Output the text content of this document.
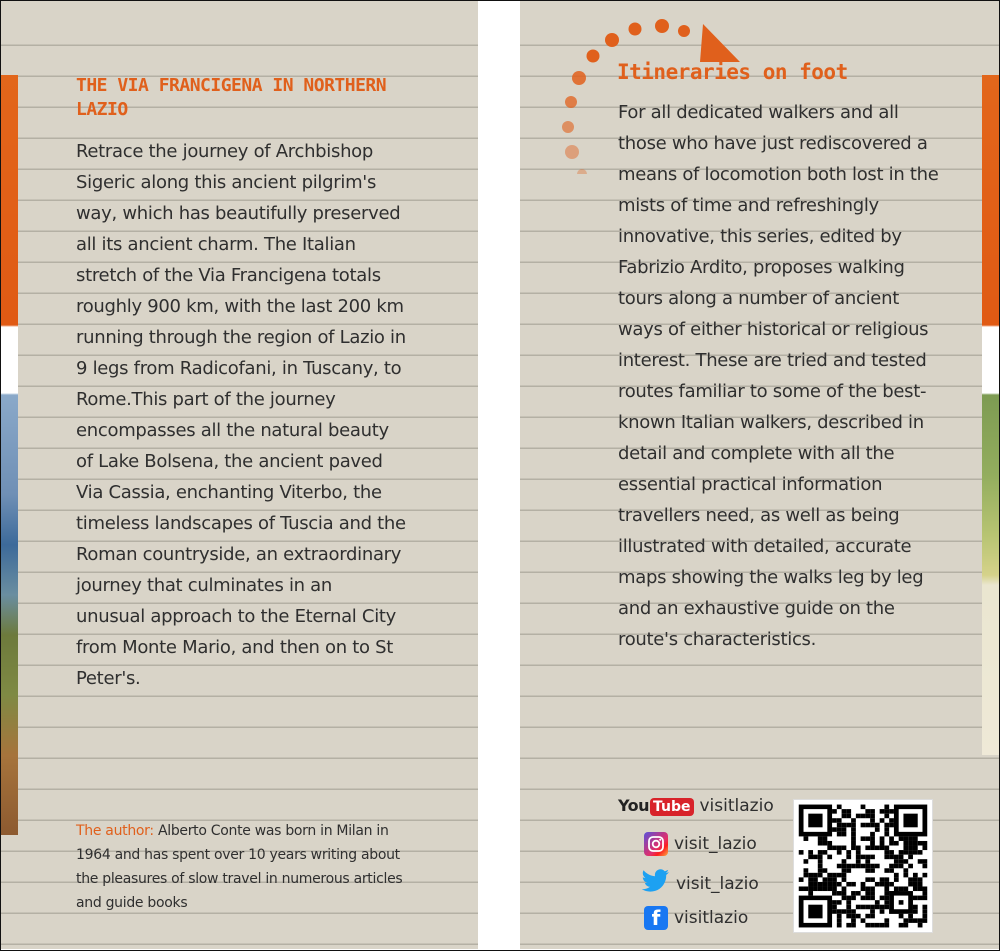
THE VIA FRANCIGENA IN NORTHERN LAZIO

Retrace the journey of Archbishop Sigeric along this ancient pilgrim's way, which has beautifully preserved all its ancient charm. The Italian stretch of the Via Francigena totals roughly 900 km, with the last 200 km running through the region of Lazio in 9 legs from Radicofani, in Tuscany, to Rome.This part of the journey encompasses all the natural beauty of Lake Bolsena, the ancient paved Via Cassia, enchanting Viterbo, the timeless landscapes of Tuscia and the Roman countryside, an extraordinary journey that culminates in an unusual approach to the Eternal City from Monte Mario, and then on to St Peter's.

The author: Alberto Conte was born in Milan in 1964 and has spent over 10 years writing about the pleasures of slow travel in numerous articles and guide books

Itineraries on foot

For all dedicated walkers and all those who have just rediscovered a means of locomotion both lost in the mists of time and refreshingly innovative, this series, edited by Fabrizio Ardito, proposes walking tours along a number of ancient ways of either historical or religious interest. These are tried and tested routes familiar to some of the best-known Italian walkers, described in detail and complete with all the essential practical information travellers need, as well as being illustrated with detailed, accurate maps showing the walks leg by leg and an exhaustive guide on the route's characteristics.

You Tube visitlazio
visit_lazio
visit_lazio
f visitlazio
